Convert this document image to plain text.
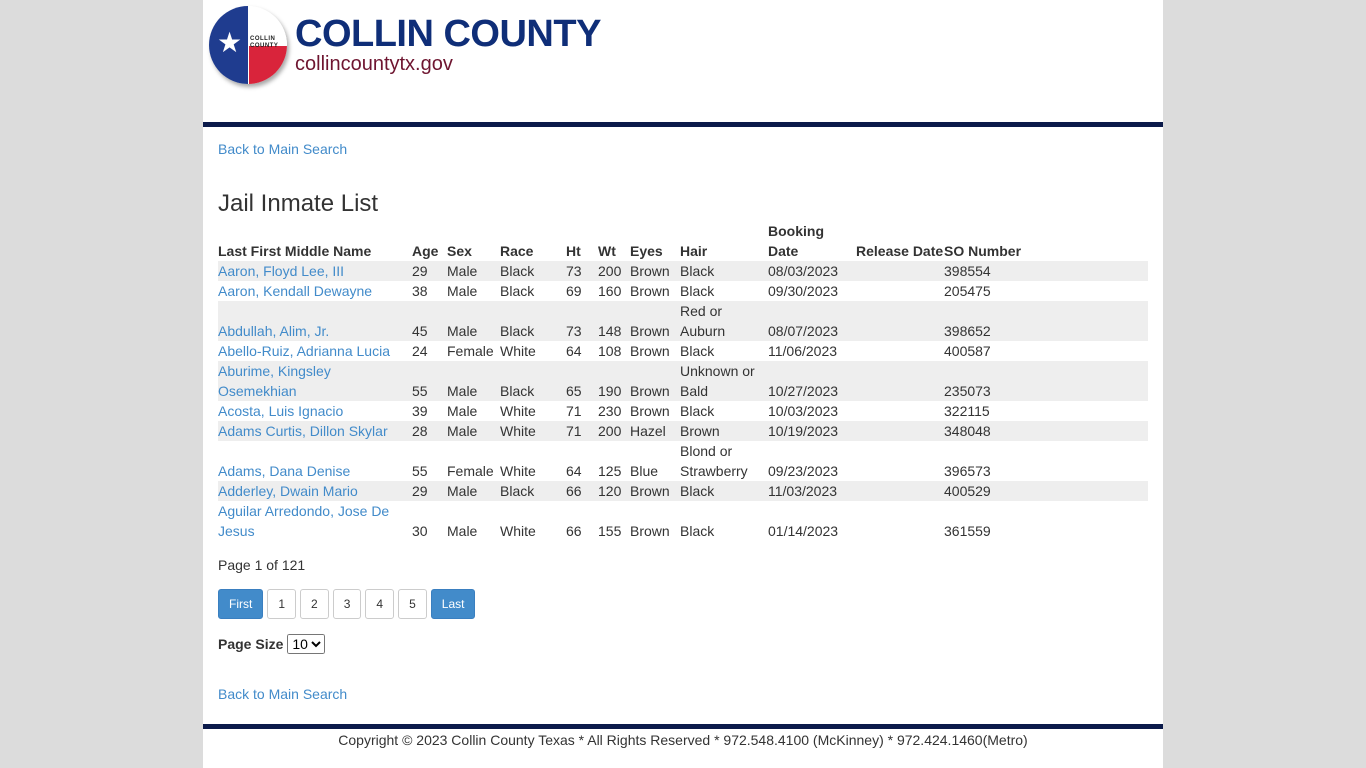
★ COLLIN
COUNTY COLLIN COUNTY
collincountytx.gov
Back to Main Search
Jail Inmate List
Last First Middle Name	Age	Sex	Race	Ht	Wt	Eyes	Hair	Booking Date	Release Date	SO Number
Aaron, Floyd Lee, III	29	Male	Black	73	200	Brown	Black	08/03/2023		398554
Aaron, Kendall Dewayne	38	Male	Black	69	160	Brown	Black	09/30/2023		205475
Abdullah, Alim, Jr.	45	Male	Black	73	148	Brown	Red or Auburn	08/07/2023		398652
Abello-Ruiz, Adrianna Lucia	24	Female	White	64	108	Brown	Black	11/06/2023		400587
Aburime, Kingsley Osemekhian	55	Male	Black	65	190	Brown	Unknown or Bald	10/27/2023		235073
Acosta, Luis Ignacio	39	Male	White	71	230	Brown	Black	10/03/2023		322115
Adams Curtis, Dillon Skylar	28	Male	White	71	200	Hazel	Brown	10/19/2023		348048
Adams, Dana Denise	55	Female	White	64	125	Blue	Blond or Strawberry	09/23/2023		396573
Adderley, Dwain Mario	29	Male	Black	66	120	Brown	Black	11/03/2023		400529
Aguilar Arredondo, Jose De Jesus	30	Male	White	66	155	Brown	Black	01/14/2023		361559
Page 1 of 121
First	1	2	3	4	5	Last
Page Size
10
Back to Main Search
Copyright © 2023 Collin County Texas * All Rights Reserved * 972.548.4100 (McKinney) * 972.424.1460(Metro)
